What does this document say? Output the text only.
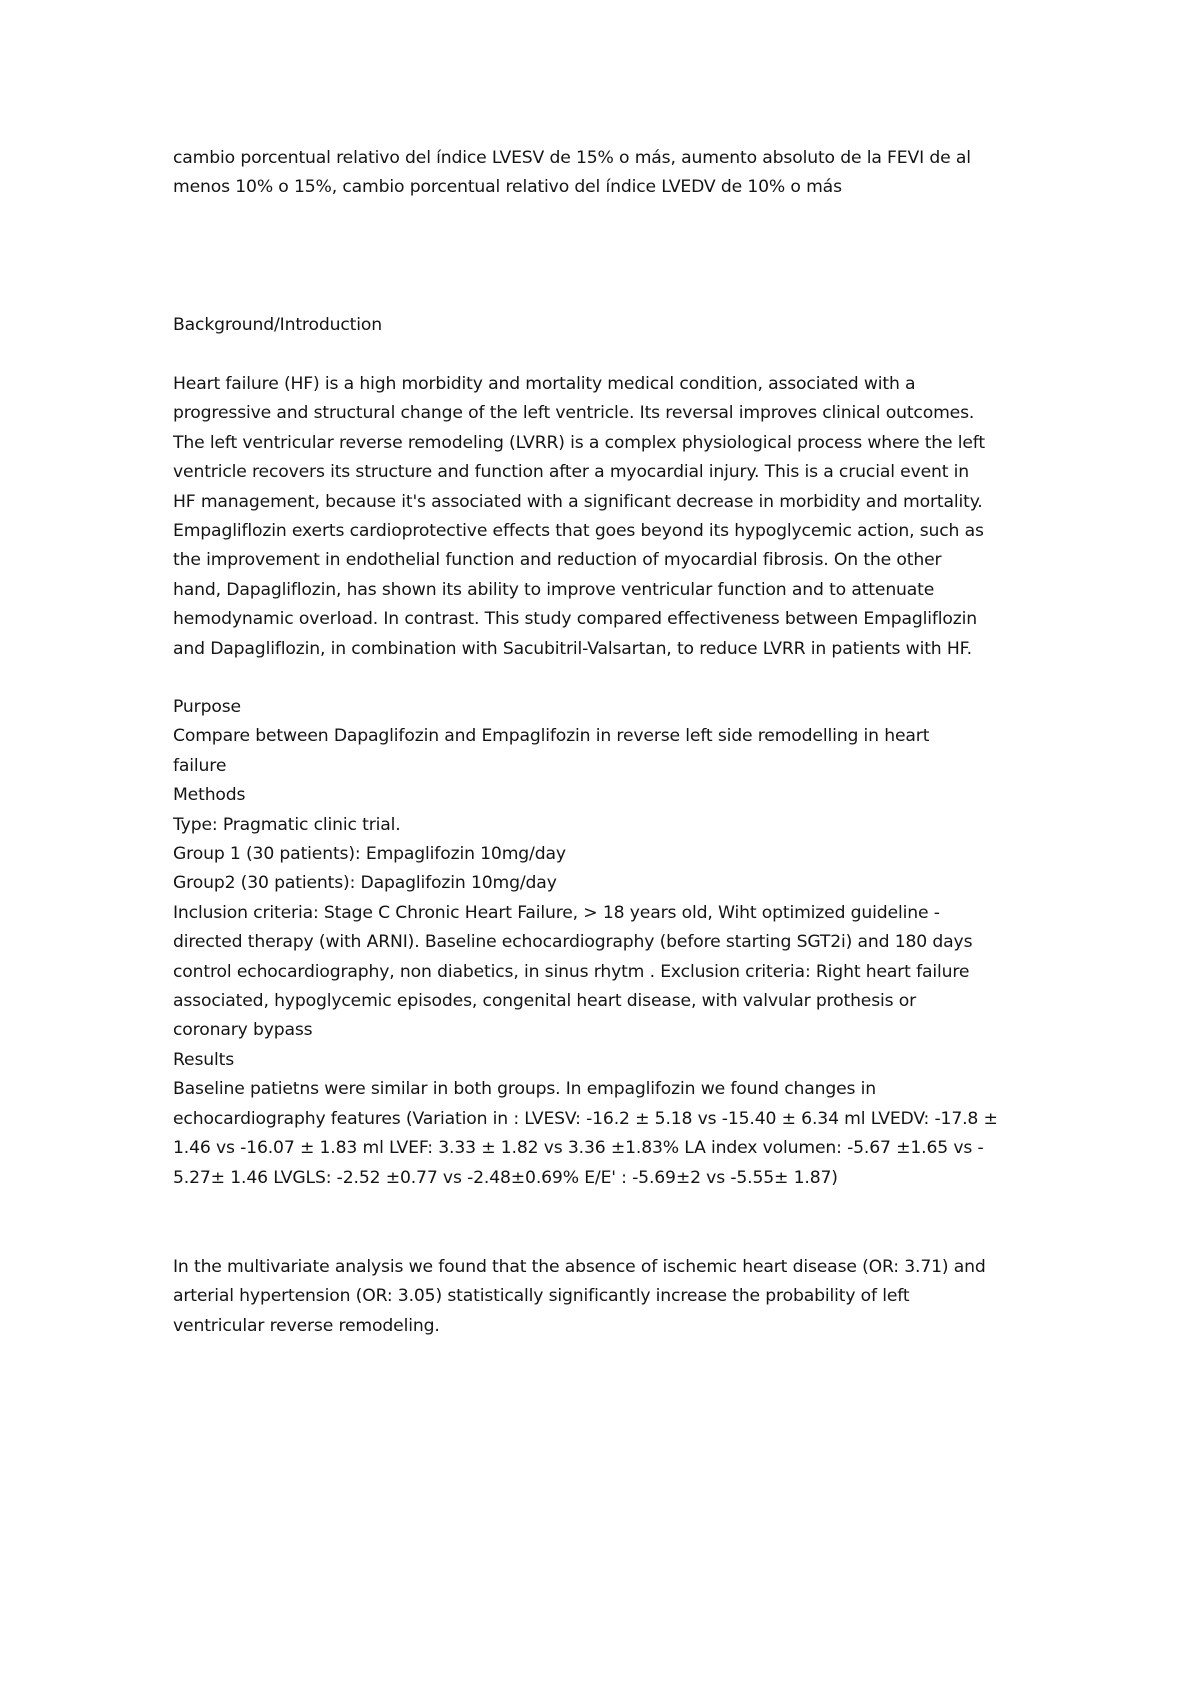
cambio porcentual relativo del índice LVESV de 15% o más, aumento absoluto de la FEVI de al

menos 10% o 15%, cambio porcentual relativo del índice LVEDV de 10% o más

Background/Introduction

Heart failure (HF) is a high morbidity and mortality medical condition, associated with a

progressive and structural change of the left ventricle. Its reversal improves clinical outcomes.

The left ventricular reverse remodeling (LVRR) is a complex physiological process where the left

ventricle recovers its structure and function after a myocardial injury. This is a crucial event in

HF management, because it's associated with a significant decrease in morbidity and mortality.

Empagliflozin exerts cardioprotective effects that goes beyond its hypoglycemic action, such as

the improvement in endothelial function and reduction of myocardial fibrosis. On the other

hand, Dapagliflozin, has shown its ability to improve ventricular function and to attenuate

hemodynamic overload. In contrast. This study compared effectiveness between Empagliflozin

and Dapagliflozin, in combination with Sacubitril-Valsartan, to reduce LVRR in patients with HF.

Purpose

Compare between Dapaglifozin and Empaglifozin in reverse left side remodelling in heart

failure

Methods

Type: Pragmatic clinic trial.

Group 1 (30 patients): Empaglifozin 10mg/day

Group2 (30 patients): Dapaglifozin 10mg/day

Inclusion criteria: Stage C Chronic Heart Failure, > 18 years old, Wiht optimized guideline -

directed therapy (with ARNI). Baseline echocardiography (before starting SGT2i) and 180 days

control echocardiography, non diabetics, in sinus rhytm . Exclusion criteria: Right heart failure

associated, hypoglycemic episodes, congenital heart disease, with valvular prothesis or

coronary bypass

Results

Baseline patietns were similar in both groups. In empaglifozin we found changes in

echocardiography features (Variation in : LVESV: -16.2 ± 5.18 vs -15.40 ± 6.34 ml LVEDV: -17.8 ±

1.46 vs -16.07 ± 1.83 ml LVEF: 3.33 ± 1.82 vs 3.36 ±1.83% LA index volumen: -5.67 ±1.65 vs -

5.27± 1.46 LVGLS: -2.52 ±0.77 vs -2.48±0.69% E/E' : -5.69±2 vs -5.55± 1.87)

In the multivariate analysis we found that the absence of ischemic heart disease (OR: 3.71) and

arterial hypertension (OR: 3.05) statistically significantly increase the probability of left

ventricular reverse remodeling.
